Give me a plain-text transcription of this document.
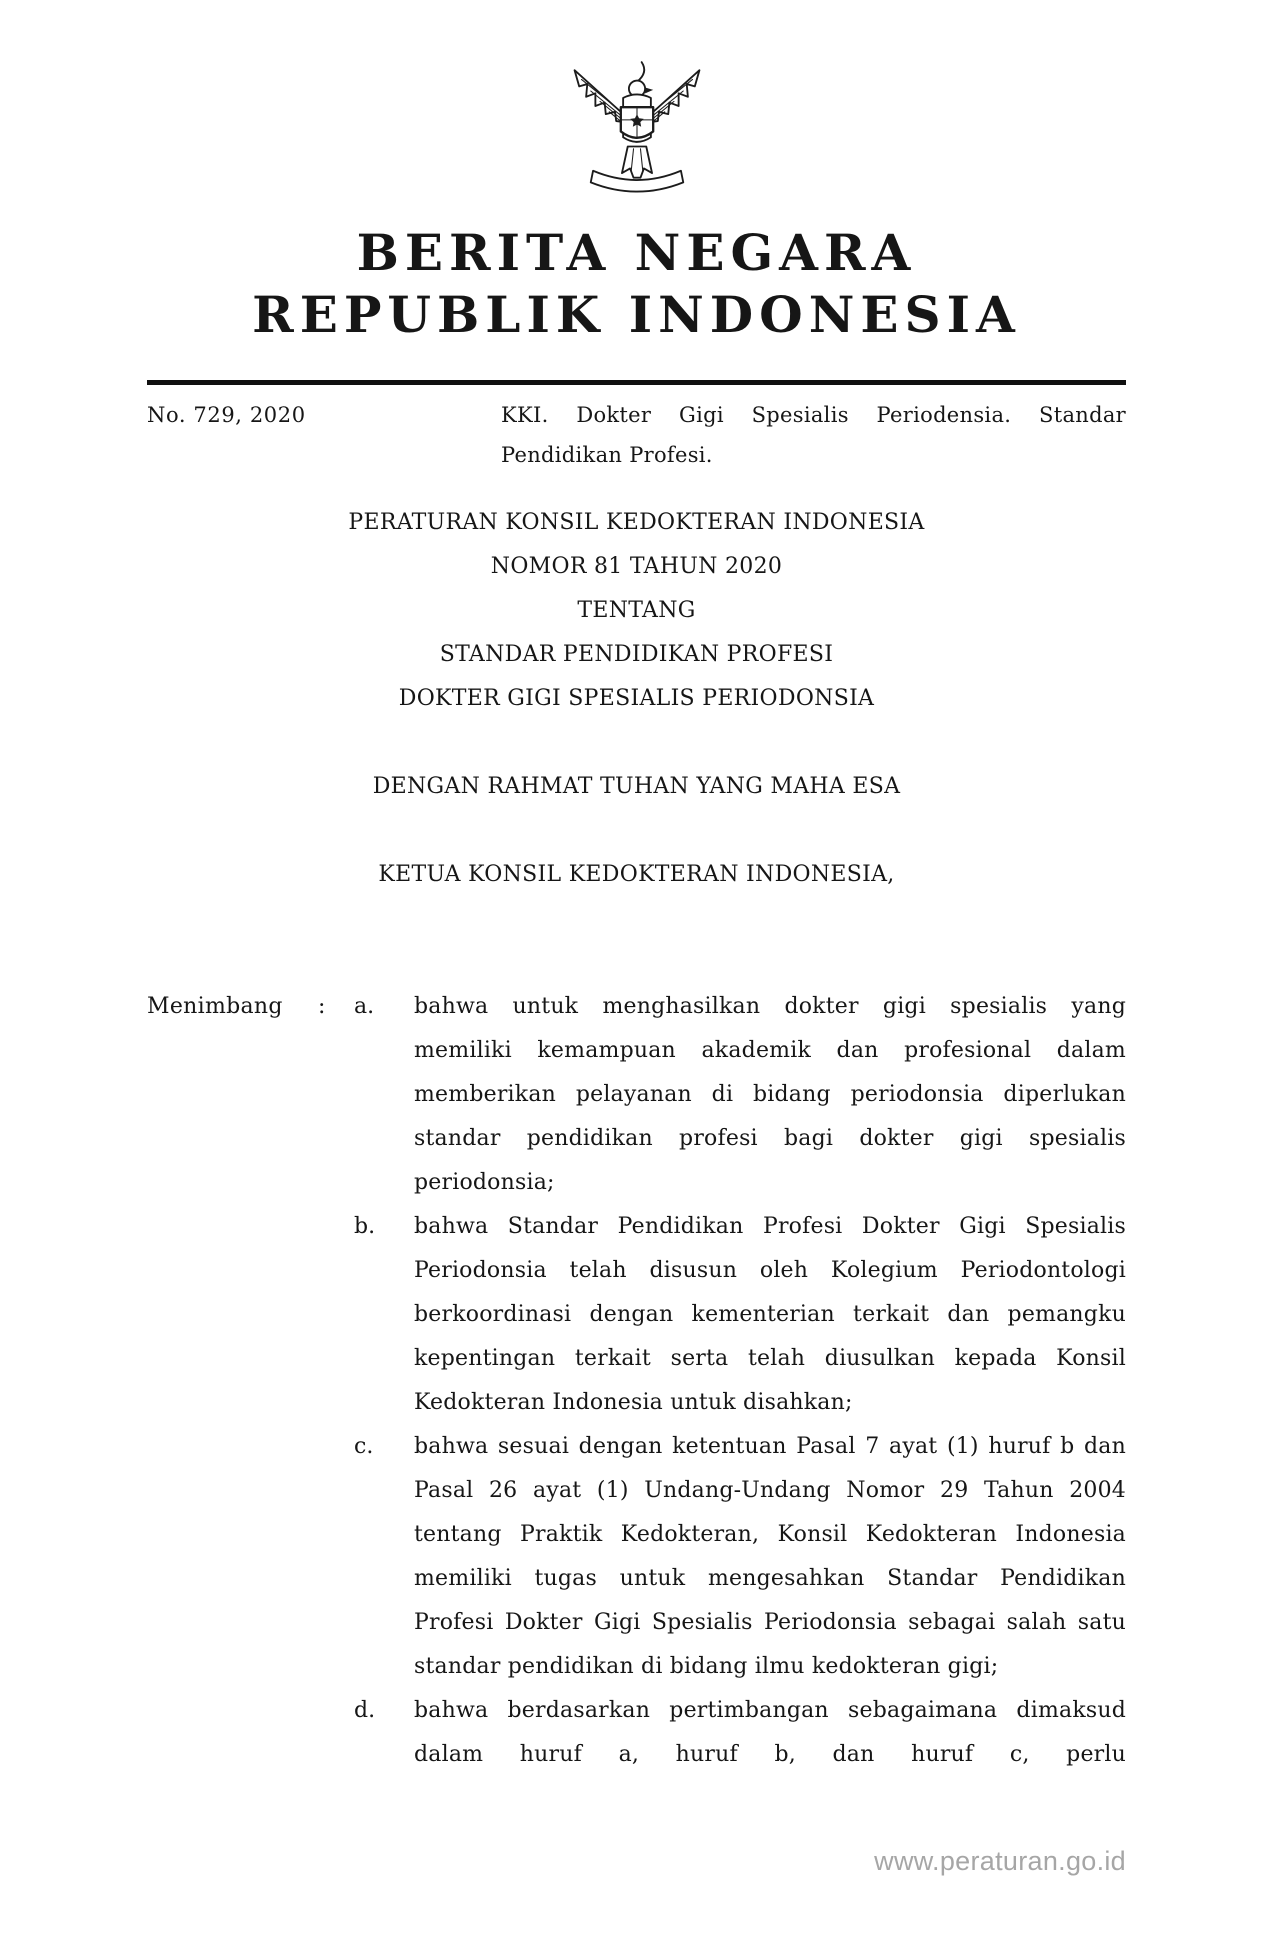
BERITA NEGARA
REPUBLIK INDONESIA
No. 729, 2020	KKI. Dokter Gigi Spesialis Periodensia. Standar Pendidikan Profesi.
PERATURAN KONSIL KEDOKTERAN INDONESIA
NOMOR 81 TAHUN 2020
TENTANG
STANDAR PENDIDIKAN PROFESI
DOKTER GIGI SPESIALIS PERIODONSIA
DENGAN RAHMAT TUHAN YANG MAHA ESA
KETUA KONSIL KEDOKTERAN INDONESIA,
Menimbang	:	a.	bahwa untuk menghasilkan dokter gigi spesialis yang memiliki kemampuan akademik dan profesional dalam memberikan pelayanan di bidang periodonsia diperlukan standar pendidikan profesi bagi dokter gigi spesialis periodonsia;
b.	bahwa Standar Pendidikan Profesi Dokter Gigi Spesialis Periodonsia telah disusun oleh Kolegium Periodontologi berkoordinasi dengan kementerian terkait dan pemangku kepentingan terkait serta telah diusulkan kepada Konsil Kedokteran Indonesia untuk disahkan;
c.	bahwa sesuai dengan ketentuan Pasal 7 ayat (1) huruf b dan Pasal 26 ayat (1) Undang-Undang Nomor 29 Tahun 2004 tentang Praktik Kedokteran, Konsil Kedokteran Indonesia memiliki tugas untuk mengesahkan Standar Pendidikan Profesi Dokter Gigi Spesialis Periodonsia sebagai salah satu standar pendidikan di bidang ilmu kedokteran gigi;
d.	bahwa berdasarkan pertimbangan sebagaimana dimaksud dalam huruf a, huruf b, dan huruf c, perlu
www.peraturan.go.id
